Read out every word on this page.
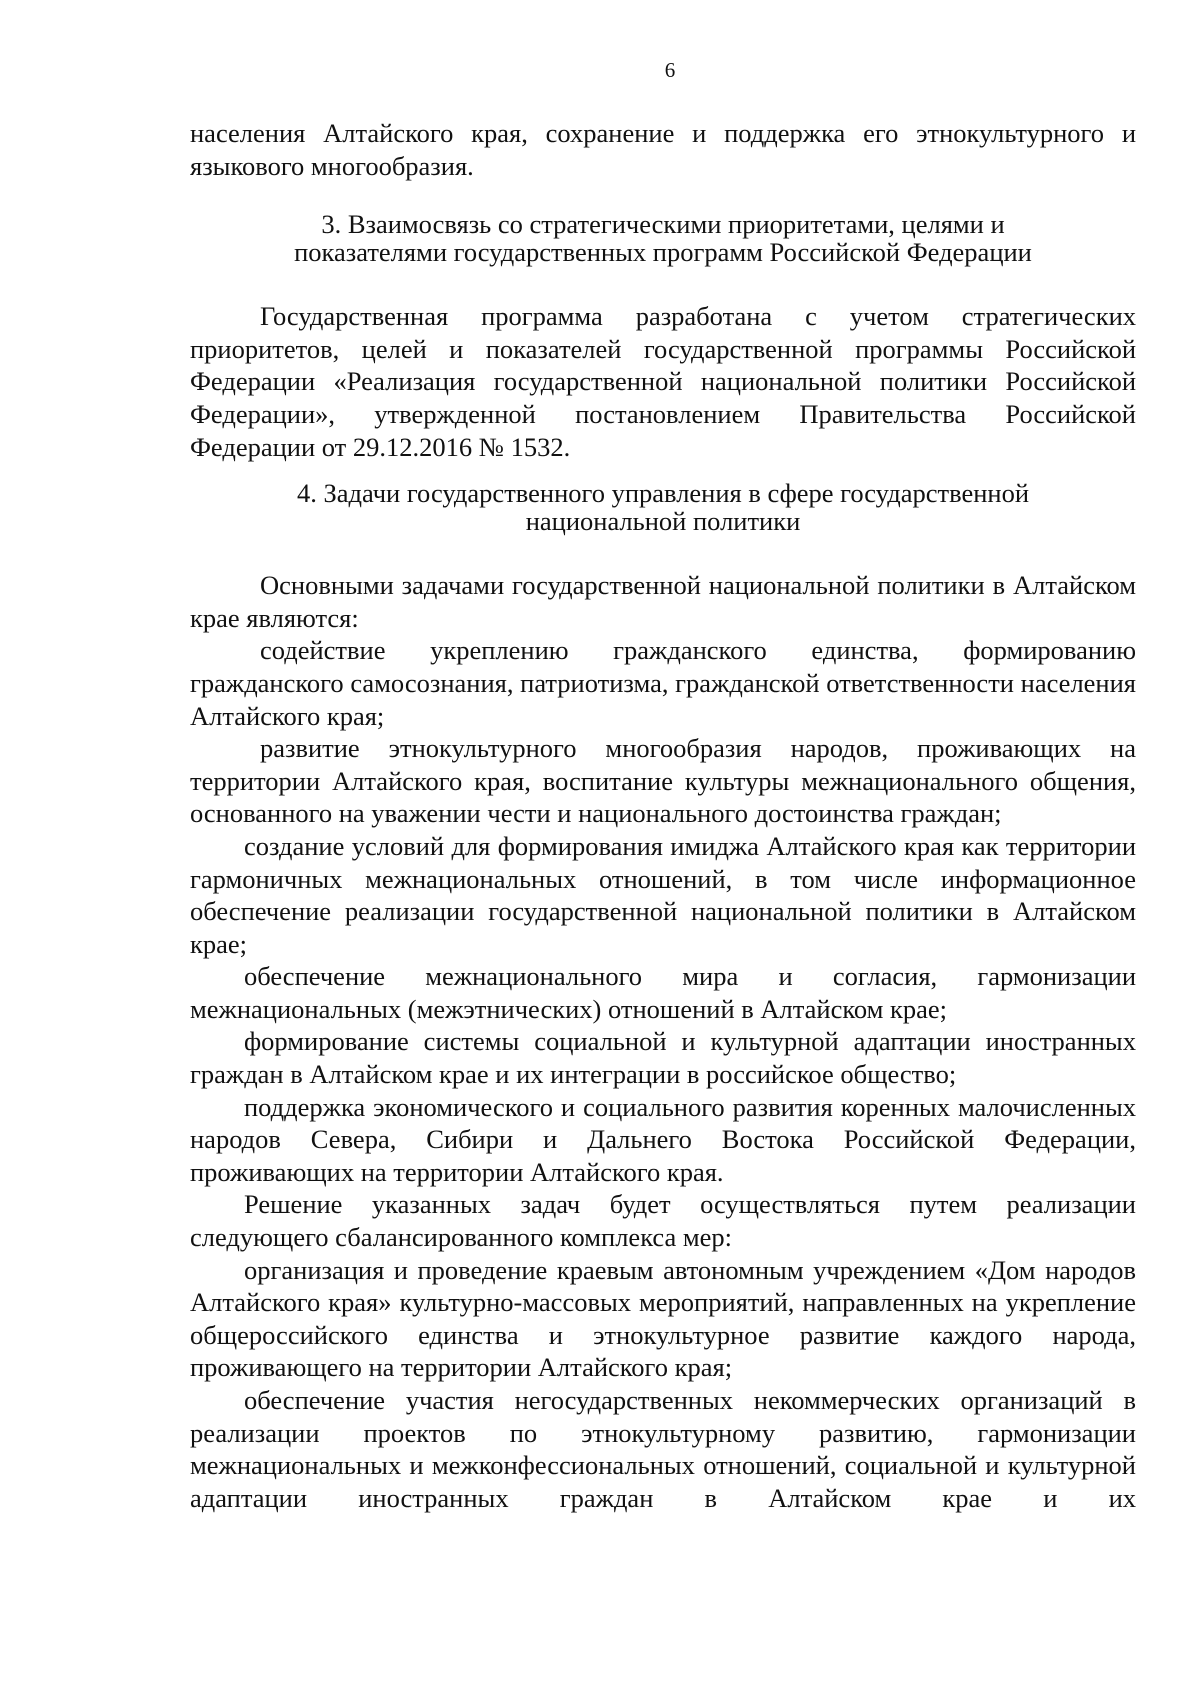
6

населения Алтайского края, сохранение и поддержка его этнокультурного и языкового многообразия.

3. Взаимосвязь со стратегическими приоритетами, целями и
показателями государственных программ Российской Федерации

Государственная программа разработана с учетом стратегических приоритетов, целей и показателей государственной программы Российской Федерации «Реализация государственной национальной политики Российской Федерации», утвержденной постановлением Правительства Российской Федерации от 29.12.2016 № 1532.

4. Задачи государственного управления в сфере государственной
национальной политики

Основными задачами государственной национальной политики в Алтайском крае являются:

содействие укреплению гражданского единства, формированию гражданского самосознания, патриотизма, гражданской ответственности населения Алтайского края;

развитие этнокультурного многообразия народов, проживающих на территории Алтайского края, воспитание культуры межнационального общения, основанного на уважении чести и национального достоинства граждан;

создание условий для формирования имиджа Алтайского края как территории гармоничных межнациональных отношений, в том числе информационное обеспечение реализации государственной национальной политики в Алтайском крае;

обеспечение межнационального мира и согласия, гармонизации межнациональных (межэтнических) отношений в Алтайском крае;

формирование системы социальной и культурной адаптации иностранных граждан в Алтайском крае и их интеграции в российское общество;

поддержка экономического и социального развития коренных малочисленных народов Севера, Сибири и Дальнего Востока Российской Федерации, проживающих на территории Алтайского края.

Решение указанных задач будет осуществляться путем реализации следующего сбалансированного комплекса мер:

организация и проведение краевым автономным учреждением «Дом народов Алтайского края» культурно-массовых мероприятий, направленных на укрепление общероссийского единства и этнокультурное развитие каждого народа, проживающего на территории Алтайского края;

обеспечение участия негосударственных некоммерческих организаций в реализации проектов по этнокультурному развитию, гармонизации межнациональных и межконфессиональных отношений, социальной и культурной адаптации иностранных граждан в Алтайском крае и их
